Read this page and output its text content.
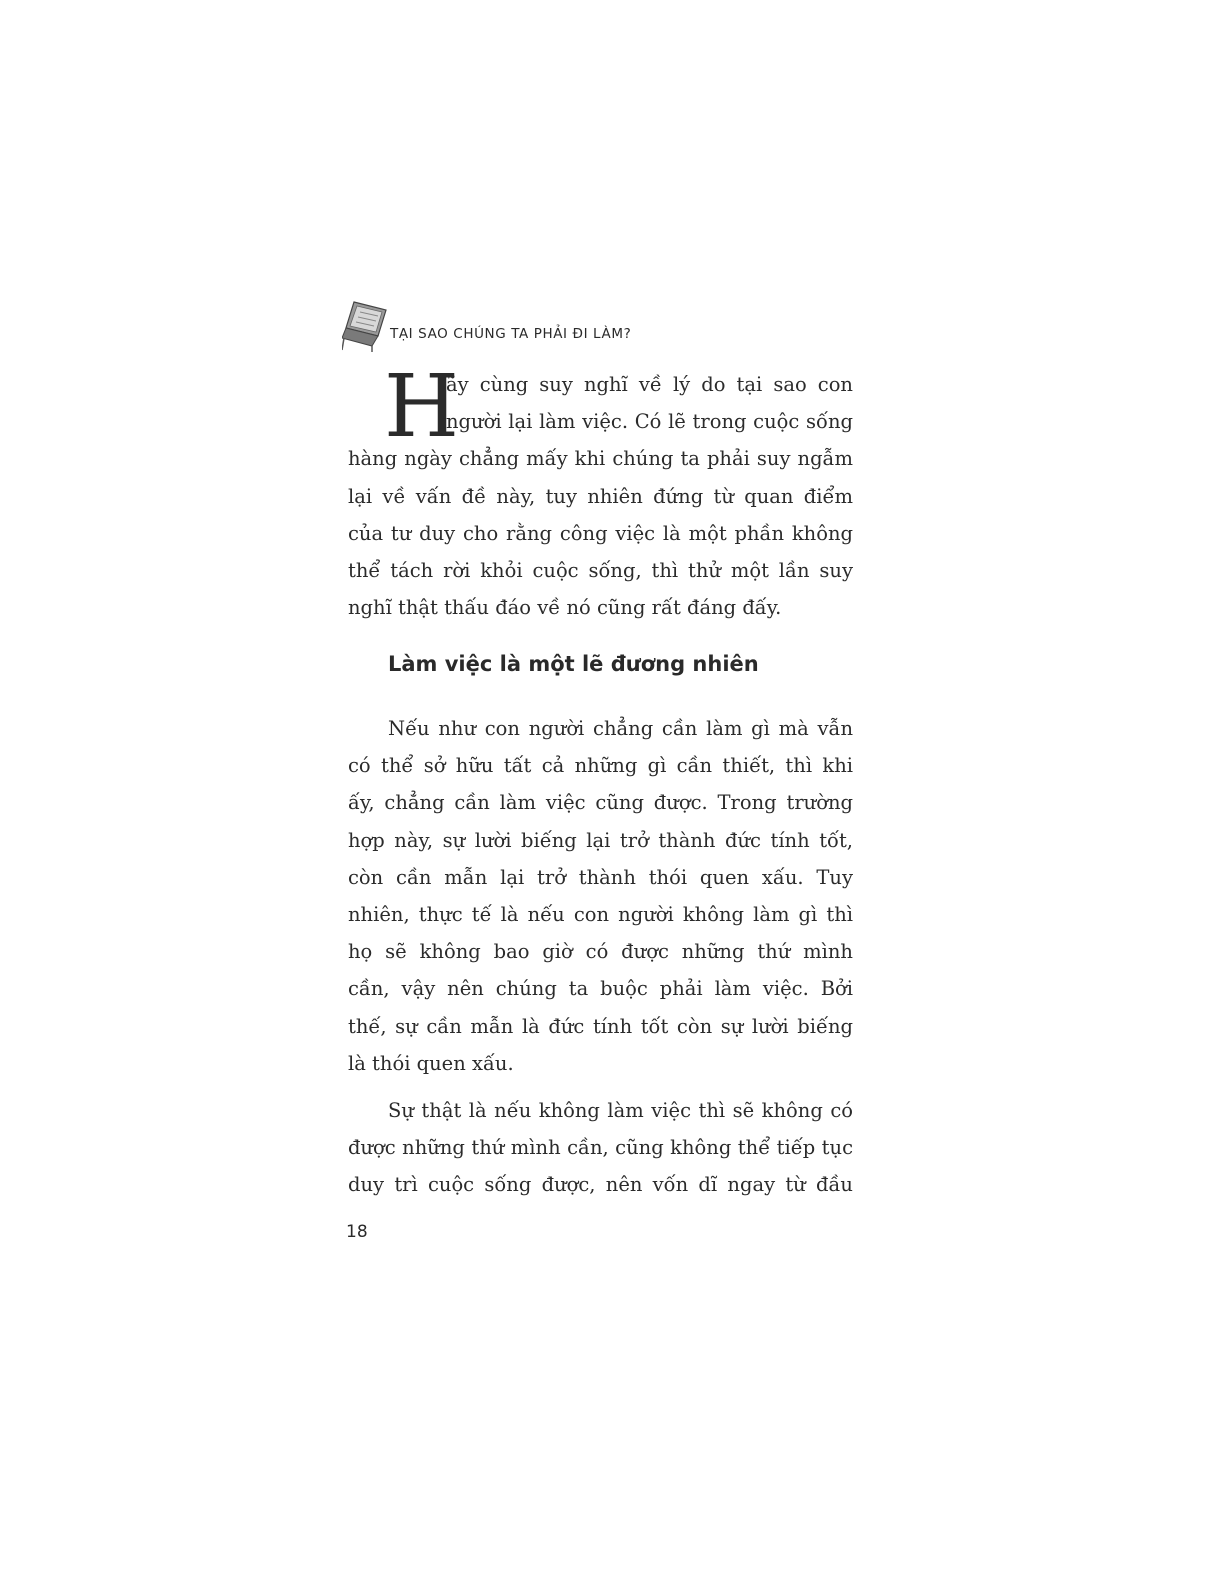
TẠI SAO CHÚNG TA PHẢI ĐI LÀM?
H
ãy cùng suy nghĩ về lý do tại sao con
người lại làm việc. Có lẽ trong cuộc sống
hàng ngày chẳng mấy khi chúng ta phải suy ngẫm
lại về vấn đề này, tuy nhiên đứng từ quan điểm
của tư duy cho rằng công việc là một phần không
thể tách rời khỏi cuộc sống, thì thử một lần suy
nghĩ thật thấu đáo về nó cũng rất đáng đấy.
Làm việc là một lẽ đương nhiên
Nếu như con người chẳng cần làm gì mà vẫn
có thể sở hữu tất cả những gì cần thiết, thì khi
ấy, chẳng cần làm việc cũng được. Trong trường
hợp này, sự lười biếng lại trở thành đức tính tốt,
còn cần mẫn lại trở thành thói quen xấu. Tuy
nhiên, thực tế là nếu con người không làm gì thì
họ sẽ không bao giờ có được những thứ mình
cần, vậy nên chúng ta buộc phải làm việc. Bởi
thế, sự cần mẫn là đức tính tốt còn sự lười biếng
là thói quen xấu.
Sự thật là nếu không làm việc thì sẽ không có
được những thứ mình cần, cũng không thể tiếp tục
duy trì cuộc sống được, nên vốn dĩ ngay từ đầu
18
